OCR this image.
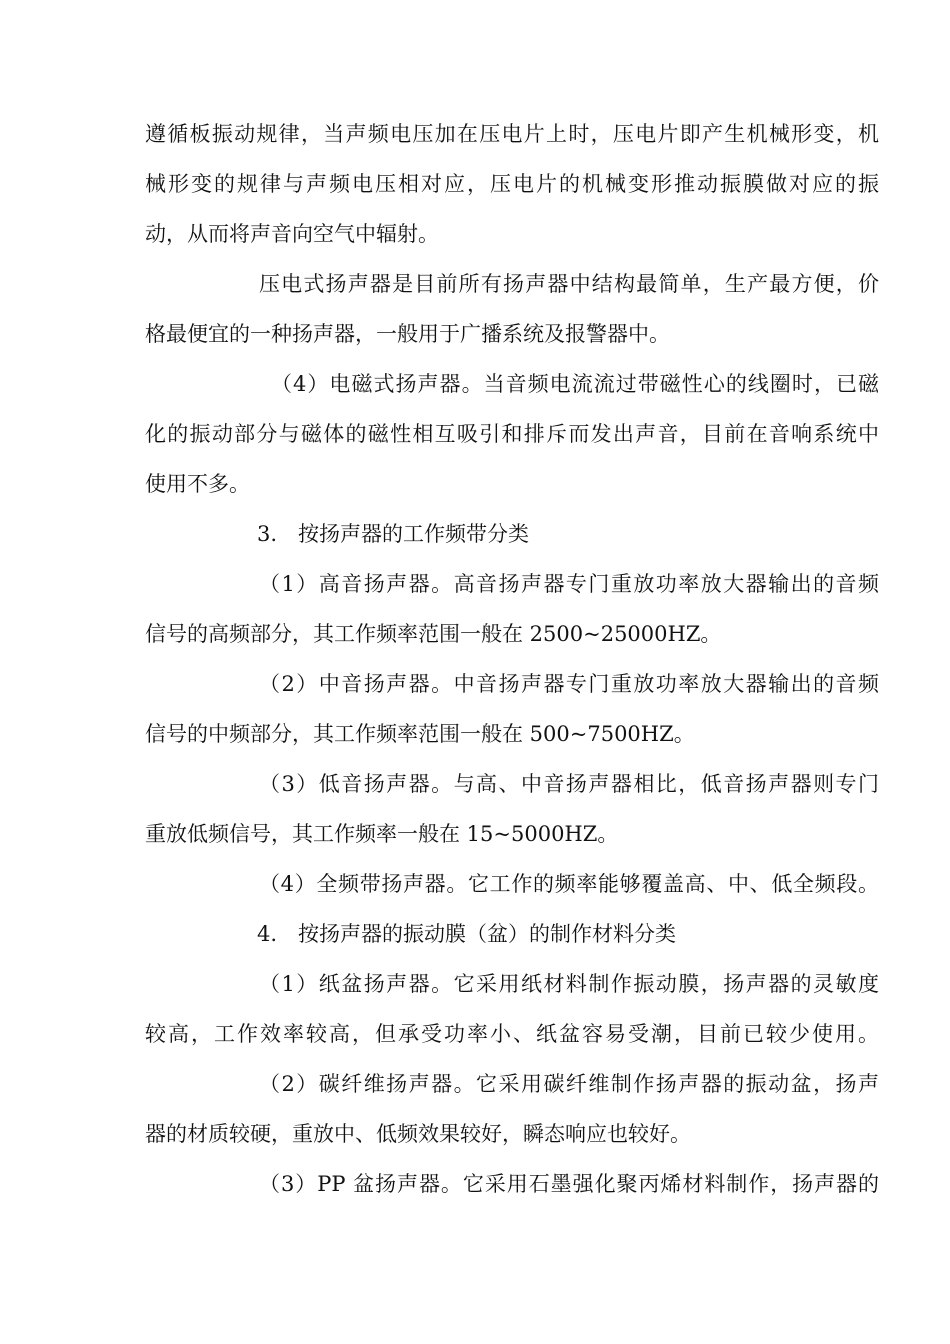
遵循板振动规律，当声频电压加在压电片上时，压电片即产生机械形变，机
械形变的规律与声频电压相对应，压电片的机械变形推动振膜做对应的振
动，从而将声音向空气中辐射。
压电式扬声器是目前所有扬声器中结构最简单，生产最方便，价
格最便宜的一种扬声器，一般用于广播系统及报警器中。
（4）电磁式扬声器。当音频电流流过带磁性心的线圈时，已磁
化的振动部分与磁体的磁性相互吸引和排斥而发出声音，目前在音响系统中
使用不多。
3.　按扬声器的工作频带分类
（1）高音扬声器。高音扬声器专门重放功率放大器输出的音频
信号的高频部分，其工作频率范围一般在 2500~25000HZ。
（2）中音扬声器。中音扬声器专门重放功率放大器输出的音频
信号的中频部分，其工作频率范围一般在 500~7500HZ。
（3）低音扬声器。与高、中音扬声器相比，低音扬声器则专门
重放低频信号，其工作频率一般在 15~5000HZ。
（4）全频带扬声器。它工作的频率能够覆盖高、中、低全频段。
4.　按扬声器的振动膜（盆）的制作材料分类
（1）纸盆扬声器。它采用纸材料制作振动膜，扬声器的灵敏度
较高，工作效率较高，但承受功率小、纸盆容易受潮，目前已较少使用。
（2）碳纤维扬声器。它采用碳纤维制作扬声器的振动盆，扬声
器的材质较硬，重放中、低频效果较好，瞬态响应也较好。
（3）PP 盆扬声器。它采用石墨强化聚丙烯材料制作，扬声器的
